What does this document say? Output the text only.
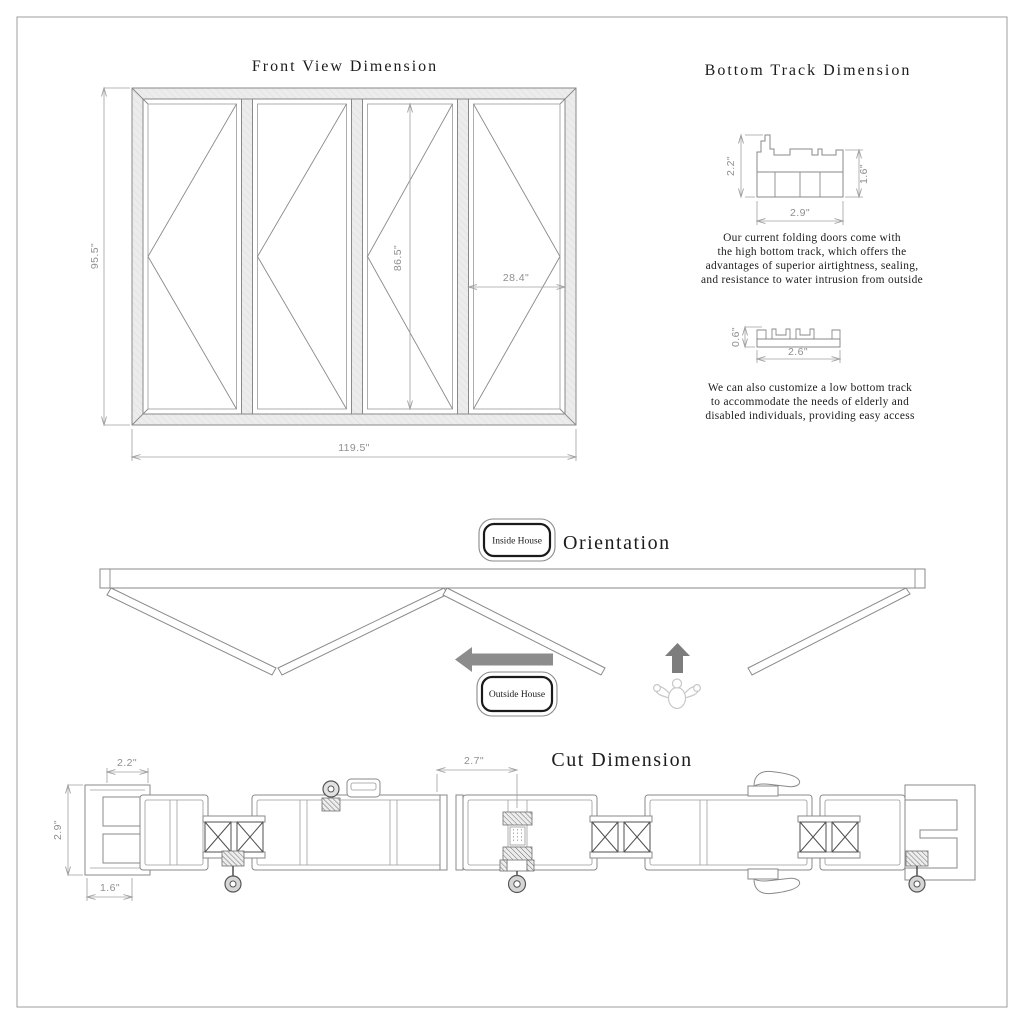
Front View Dimension
95.5"	86.5"
28.4"
119.5"
Bottom Track Dimension
2.2"	1.6"
2.9"
Our current folding doors come with
the high bottom track, which offers the
advantages of superior airtightness, sealing,
and resistance to water intrusion from outside
0.6"
2.6"
We can also customize a low bottom track
to accommodate the needs of elderly and
disabled individuals, providing easy access
Inside House Orientation
Outside House
Cut Dimension
2.2"
2.9"
1.6"
2.7"
